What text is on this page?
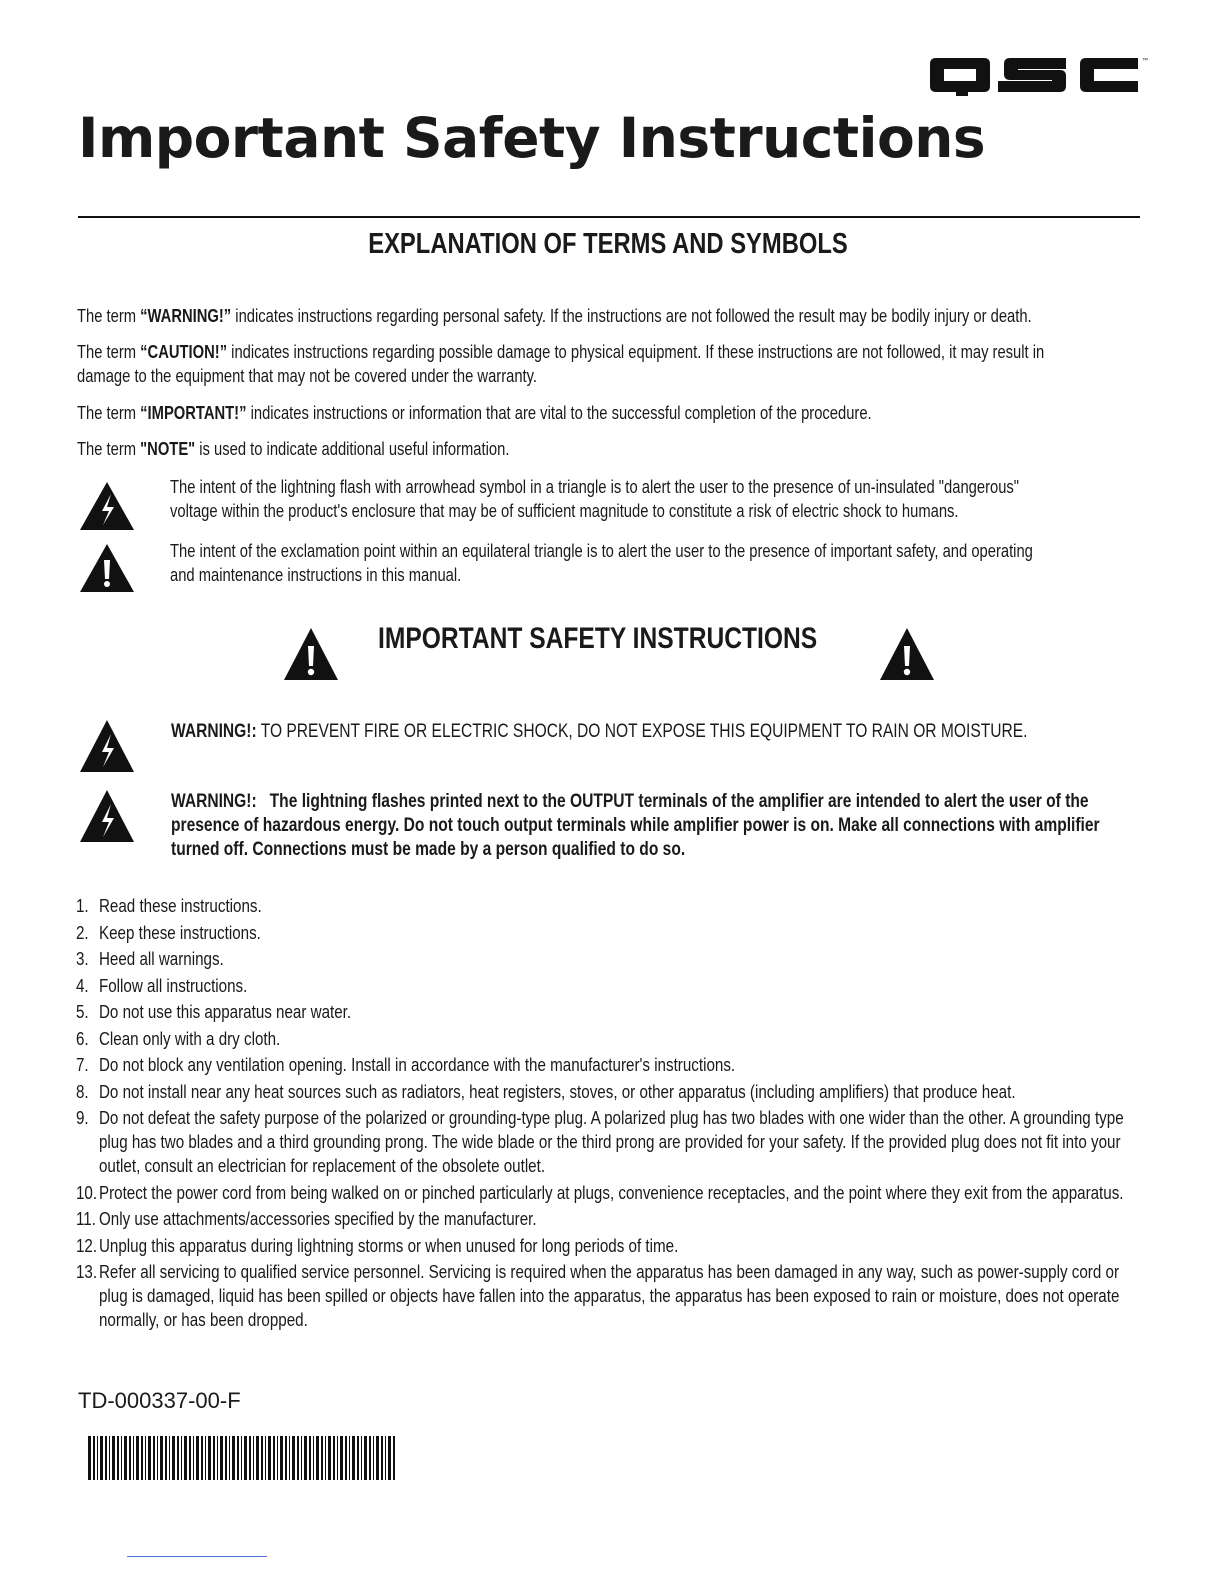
™
Important Safety Instructions
EXPLANATION OF TERMS AND SYMBOLS
The term “WARNING!” indicates instructions regarding personal safety. If the instructions are not followed the result may be bodily injury or death.
The term “CAUTION!” indicates instructions regarding possible damage to physical equipment. If these instructions are not followed, it may result in
damage to the equipment that may not be covered under the warranty.
The term “IMPORTANT!” indicates instructions or information that are vital to the successful completion of the procedure.
The term "NOTE" is used to indicate additional useful information.
The intent of the lightning flash with arrowhead symbol in a triangle is to alert the user to the presence of un-insulated "dangerous"
voltage within the product's enclosure that may be of sufficient magnitude to constitute a risk of electric shock to humans.
The intent of the exclamation point within an equilateral triangle is to alert the user to the presence of important safety, and operating
and maintenance instructions in this manual.
IMPORTANT SAFETY INSTRUCTIONS
WARNING!: TO PREVENT FIRE OR ELECTRIC SHOCK, DO NOT EXPOSE THIS EQUIPMENT TO RAIN OR MOISTURE.
WARNING!:   The lightning flashes printed next to the OUTPUT terminals of the amplifier are intended to alert the user of the
presence of hazardous energy. Do not touch output terminals while amplifier power is on. Make all connections with amplifier
turned off. Connections must be made by a person qualified to do so.
1. Read these instructions.
2. Keep these instructions.
3. Heed all warnings.
4. Follow all instructions.
5. Do not use this apparatus near water.
6. Clean only with a dry cloth.
7. Do not block any ventilation opening. Install in accordance with the manufacturer's instructions.
8. Do not install near any heat sources such as radiators, heat registers, stoves, or other apparatus (including amplifiers) that produce heat.
9. Do not defeat the safety purpose of the polarized or grounding-type plug. A polarized plug has two blades with one wider than the other. A grounding type plug has two blades and a third grounding prong. The wide blade or the third prong are provided for your safety. If the provided plug does not fit into your outlet, consult an electrician for replacement of the obsolete outlet.
10. Protect the power cord from being walked on or pinched particularly at plugs, convenience receptacles, and the point where they exit from the apparatus.
11. Only use attachments/accessories specified by the manufacturer.
12. Unplug this apparatus during lightning storms or when unused for long periods of time.
13. Refer all servicing to qualified service personnel. Servicing is required when the apparatus has been damaged in any way, such as power-supply cord or plug is damaged, liquid has been spilled or objects have fallen into the apparatus, the apparatus has been exposed to rain or moisture, does not operate normally, or has been dropped.
TD-000337-00-F
